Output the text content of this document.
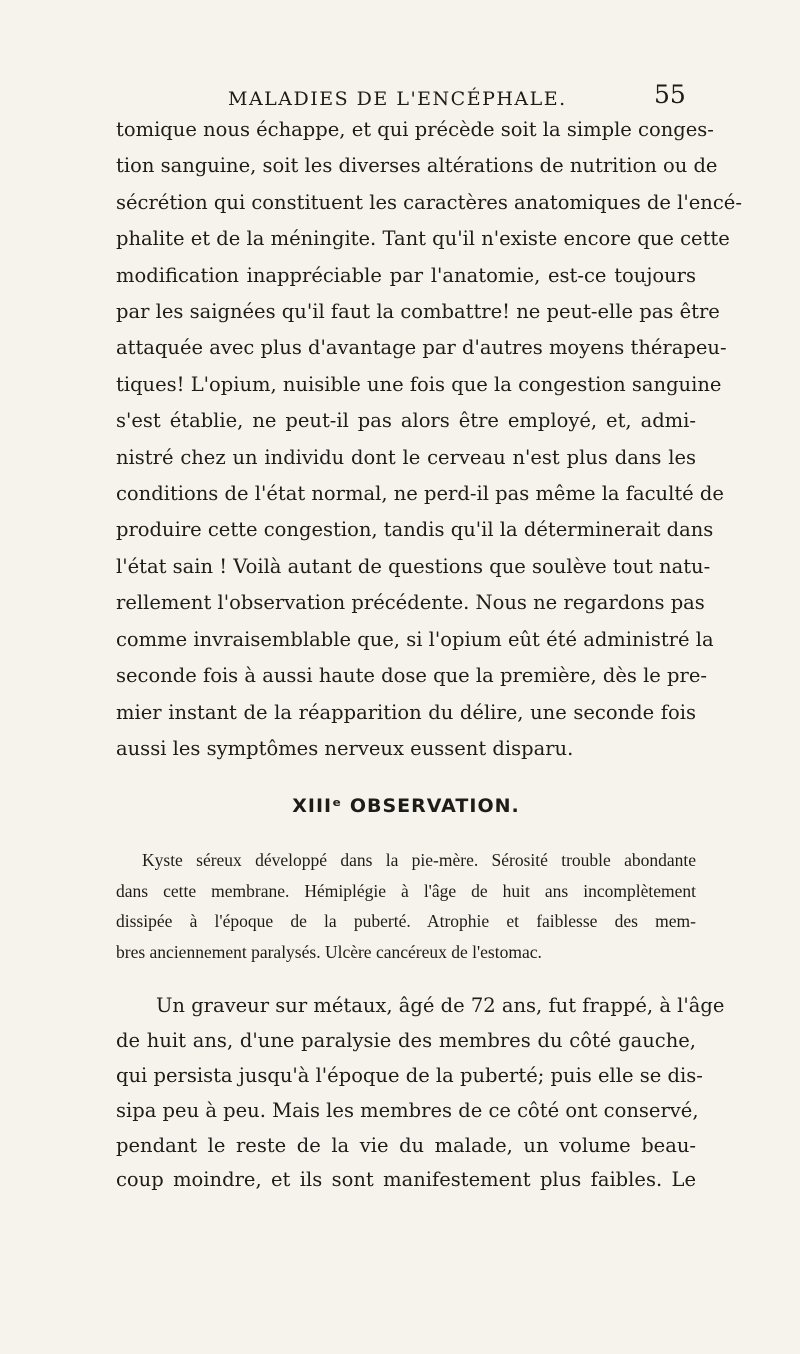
MALADIES DE L'ENCÉPHALE.	55
tomique nous échappe, et qui précède soit la simple conges-
tion sanguine, soit les diverses altérations de nutrition ou de
sécrétion qui constituent les caractères anatomiques de l'encé-
phalite et de la méningite. Tant qu'il n'existe encore que cette
modification inappréciable par l'anatomie, est-ce toujours
par les saignées qu'il faut la combattre! ne peut-elle pas être
attaquée avec plus d'avantage par d'autres moyens thérapeu-
tiques! L'opium, nuisible une fois que la congestion sanguine
s'est établie, ne peut-il pas alors être employé, et, admi-
nistré chez un individu dont le cerveau n'est plus dans les
conditions de l'état normal, ne perd-il pas même la faculté de
produire cette congestion, tandis qu'il la déterminerait dans
l'état sain ! Voilà autant de questions que soulève tout natu-
rellement l'observation précédente. Nous ne regardons pas
comme invraisemblable que, si l'opium eût été administré la
seconde fois à aussi haute dose que la première, dès le pre-
mier instant de la réapparition du délire, une seconde fois
aussi les symptômes nerveux eussent disparu.
XIIIᵉ OBSERVATION.
Kyste séreux développé dans la pie-mère. Sérosité trouble abondante
dans cette membrane. Hémiplégie à l'âge de huit ans incomplètement
dissipée à l'époque de la puberté. Atrophie et faiblesse des mem-
bres anciennement paralysés. Ulcère cancéreux de l'estomac.
Un graveur sur métaux, âgé de 72 ans, fut frappé, à l'âge
de huit ans, d'une paralysie des membres du côté gauche,
qui persista jusqu'à l'époque de la puberté; puis elle se dis-
sipa peu à peu. Mais les membres de ce côté ont conservé,
pendant le reste de la vie du malade, un volume beau-
coup moindre, et ils sont manifestement plus faibles. Le
